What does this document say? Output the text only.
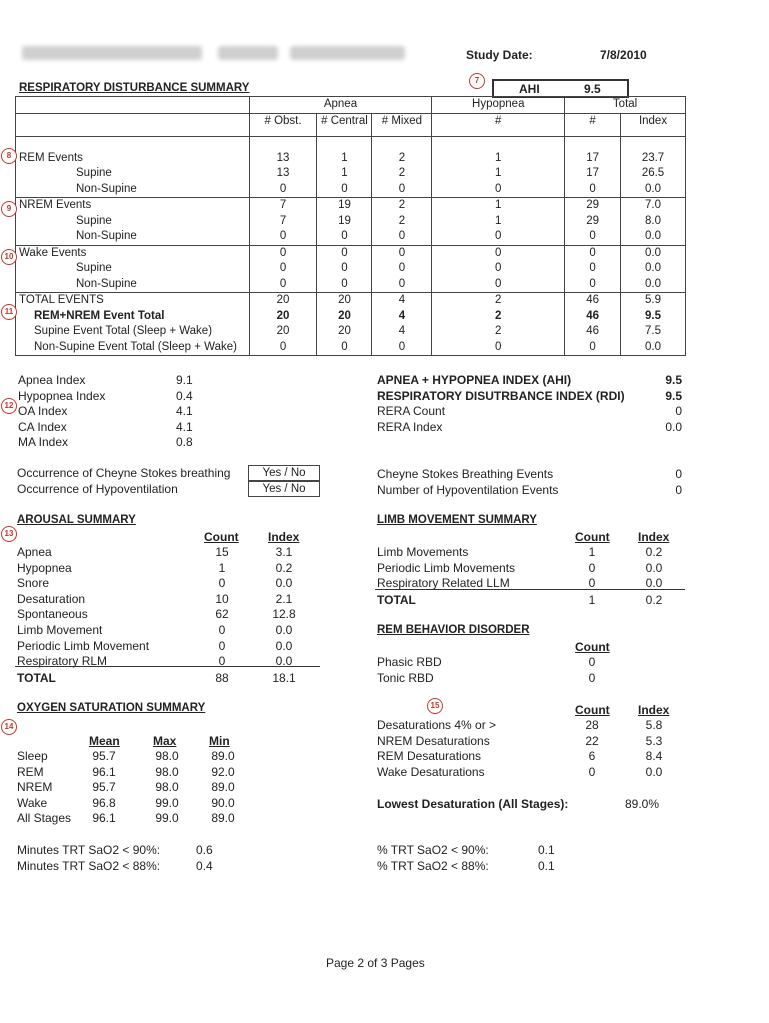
Study Date:	7/8/2010
RESPIRATORY DISTURBANCE SUMMARY
7
AHI	9.5
	Apnea			Hypopnea	Total	
	# Obst.	# Central	# Mixed	#	#	Index

REM Events	13	1	2	1	17	23.7
Supine	13	1	2	1	17	26.5
Non-Supine	0	0	0	0	0	0.0
NREM Events	7	19	2	1	29	7.0
Supine	7	19	2	1	29	8.0
Non-Supine	0	0	0	0	0	0.0
Wake Events	0	0	0	0	0	0.0
Supine	0	0	0	0	0	0.0
Non-Supine	0	0	0	0	0	0.0
TOTAL EVENTS	20	20	4	2	46	5.9
REM+NREM Event Total	20	20	4	2	46	9.5
Supine Event Total (Sleep + Wake)	20	20	4	2	46	7.5
Non-Supine Event Total (Sleep + Wake)	0	0	0	0	0	0.0
8
9
10
11
Apnea Index	9.1
Hypopnea Index	0.4
OA Index	4.1
CA Index	4.1
MA Index	0.8
12
APNEA + HYPOPNEA INDEX (AHI)	9.5
RESPIRATORY DISUTRBANCE INDEX (RDI)	9.5
RERA Count	0
RERA Index	0.0
Occurrence of Cheyne Stokes breathing	Yes / No
Occurrence of Hypoventilation	Yes / No
Cheyne Stokes Breathing Events	0
Number of Hypoventilation Events	0
AROUSAL SUMMARY
13	Count Index
Apnea	15	3.1
Hypopnea	1	0.2
Snore	0	0.0
Desaturation	10	2.1
Spontaneous	62	12.8
Limb Movement	0	0.0
Periodic Limb Movement	0	0.0
Respiratory RLM	0	0.0
TOTAL	88	18.1
LIMB MOVEMENT SUMMARY
Count Index
Limb Movements	1	0.2
Periodic Limb Movements	0	0.0
Respiratory Related LLM	0	0.0
TOTAL	1	0.2
REM BEHAVIOR DISORDER
Count
Phasic RBD	0
Tonic RBD	0
OXYGEN SATURATION SUMMARY
14
Mean	Max	Min
Sleep	95.7	98.0	89.0
REM	96.1	98.0	92.0
NREM	95.7	98.0	89.0
Wake	96.8	99.0	90.0
All Stages	96.1	99.0	89.0
Minutes TRT SaO2 < 90%:	0.6
Minutes TRT SaO2 < 88%:	0.4
15	Count Index
Desaturations 4% or >	28	5.8
NREM Desaturations	22	5.3
REM Desaturations	6	8.4
Wake Desaturations	0	0.0
% TRT SaO2 < 90%:	0.1
% TRT SaO2 < 88%:	0.1
Lowest Desaturation (All Stages):	89.0%
Page 2 of 3 Pages
